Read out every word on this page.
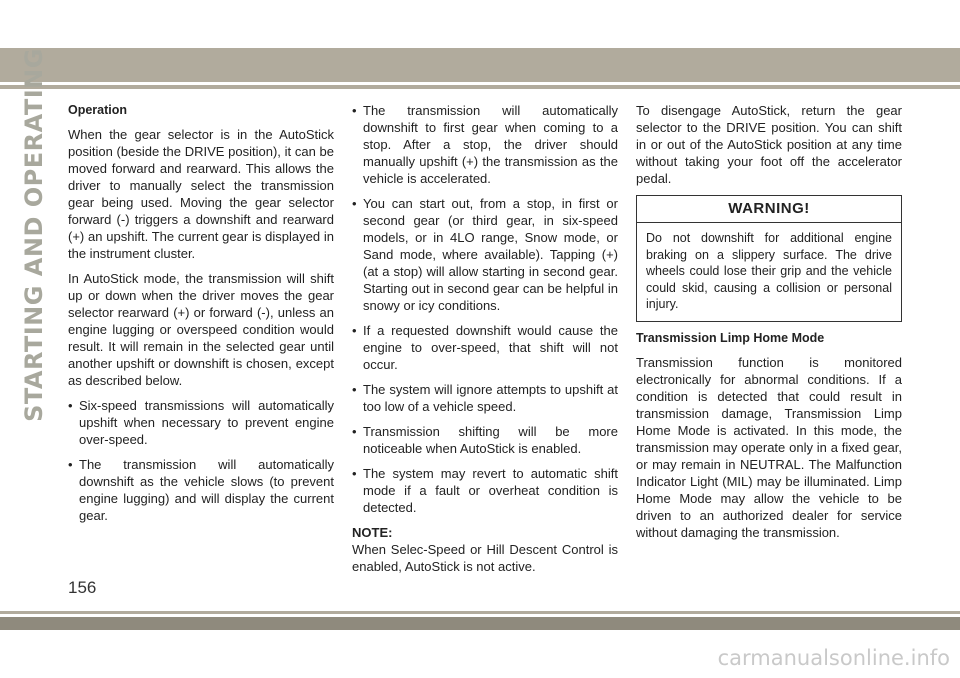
STARTING AND OPERATING Operation

When the gear selector is in the AutoStick position (beside the DRIVE position), it can be moved forward and rearward. This allows the driver to manually select the transmission gear being used. Moving the gear selector forward (-) triggers a downshift and rearward (+) an upshift. The current gear is displayed in the instrument cluster.

In AutoStick mode, the transmission will shift up or down when the driver moves the gear selector rearward (+) or forward (-), unless an engine lugging or overspeed condition would result. It will remain in the selected gear until another upshift or downshift is chosen, except as described below.

• Six-speed transmissions will automatically upshift when necessary to prevent engine over-speed.
• The transmission will automatically downshift as the vehicle slows (to prevent engine lugging) and will display the current gear.
• The transmission will automatically downshift to first gear when coming to a stop. After a stop, the driver should manually upshift (+) the transmission as the vehicle is accelerated.
• You can start out, from a stop, in first or second gear (or third gear, in six-speed models, or in 4LO range, Snow mode, or Sand mode, where available). Tapping (+) (at a stop) will allow starting in second gear. Starting out in second gear can be helpful in snowy or icy conditions.
• If a requested downshift would cause the engine to over-speed, that shift will not occur.
• The system will ignore attempts to upshift at too low of a vehicle speed.
• Transmission shifting will be more noticeable when AutoStick is enabled.
• The system may revert to automatic shift mode if a fault or overheat condition is detected.
NOTE:

When Selec-Speed or Hill Descent Control is enabled, AutoStick is not active.

To disengage AutoStick, return the gear selector to the DRIVE position. You can shift in or out of the AutoStick position at any time without taking your foot off the accelerator pedal.

WARNING!
Do not downshift for additional engine braking on a slippery surface. The drive wheels could lose their grip and the vehicle could skid, causing a collision or personal injury.
Transmission Limp Home Mode

Transmission function is monitored electronically for abnormal conditions. If a condition is detected that could result in transmission damage, Transmission Limp Home Mode is activated. In this mode, the transmission may operate only in a fixed gear, or may remain in NEUTRAL. The Malfunction Indicator Light (MIL) may be illuminated. Limp Home Mode may allow the vehicle to be driven to an authorized dealer for service without damaging the transmission.

156
carmanualsonline.info
